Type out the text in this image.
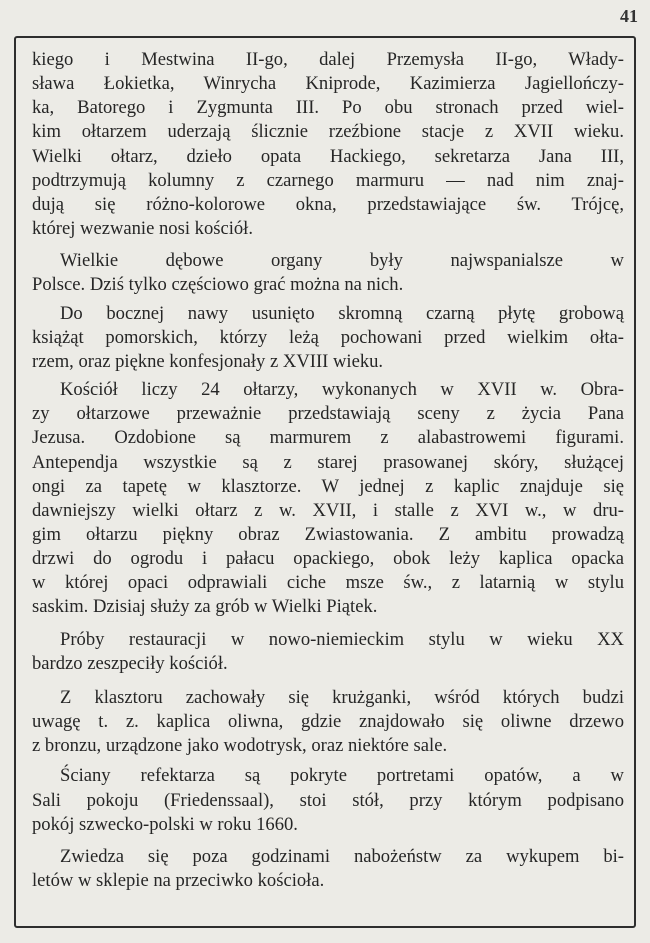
41
kiego i Mestwina II-go, dalej Przemysła II-go, Włady-
sława Łokietka, Winrycha Kniprode, Kazimierza Jagiellończy-
ka, Batorego i Zygmunta III. Po obu stronach przed wiel-
kim ołtarzem uderzają ślicznie rzeźbione stacje z XVII wieku.
Wielki ołtarz, dzieło opata Hackiego, sekretarza Jana III,
podtrzymują kolumny z czarnego marmuru — nad nim znaj-
dują się różno-kolorowe okna, przedstawiające św. Trójcę,
której wezwanie nosi kościół.
Wielkie dębowe organy były najwspanialsze w
Polsce. Dziś tylko częściowo grać można na nich.
Do bocznej nawy usunięto skromną czarną płytę grobową
książąt pomorskich, którzy leżą pochowani przed wielkim ołta-
rzem, oraz piękne konfesjonały z XVIII wieku.
Kościół liczy 24 ołtarzy, wykonanych w XVII w. Obra-
zy ołtarzowe przeważnie przedstawiają sceny z życia Pana
Jezusa. Ozdobione są marmurem z alabastrowemi figurami.
Antependja wszystkie są z starej prasowanej skóry, służącej
ongi za tapetę w klasztorze. W jednej z kaplic znajduje się
dawniejszy wielki ołtarz z w. XVII, i stalle z XVI w., w dru-
gim ołtarzu piękny obraz Zwiastowania. Z ambitu prowadzą
drzwi do ogrodu i pałacu opackiego, obok leży kaplica opacka
w której opaci odprawiali ciche msze św., z latarnią w stylu
saskim. Dzisiaj służy za grób w Wielki Piątek.
Próby restauracji w nowo-niemieckim stylu w wieku XX
bardzo zeszpeciły kościół.
Z klasztoru zachowały się krużganki, wśród których budzi
uwagę t. z. kaplica oliwna, gdzie znajdowało się oliwne drzewo
z bronzu, urządzone jako wodotrysk, oraz niektóre sale.
Ściany refektarza są pokryte portretami opatów, a w
Sali pokoju (Friedenssaal), stoi stół, przy którym podpisano
pokój szwecko-polski w roku 1660.
Zwiedza się poza godzinami nabożeństw za wykupem bi-
letów w sklepie na przeciwko kościoła.
